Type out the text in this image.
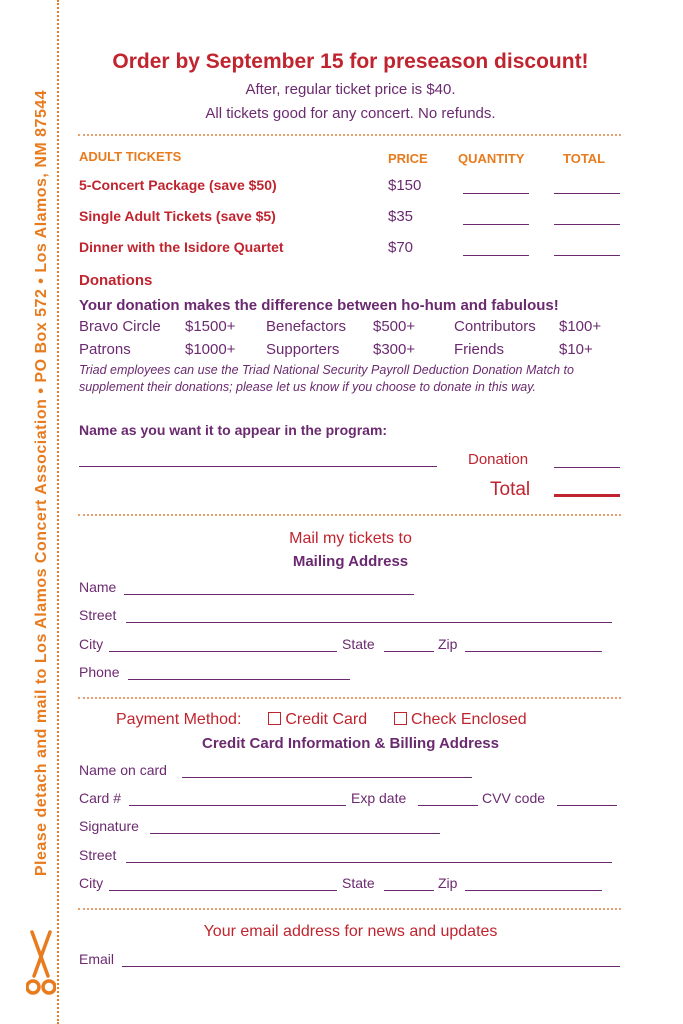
Please detach and mail to Los Alamos Concert Association • PO Box 572 • Los Alamos, NM 87544
Order by September 15 for preseason discount!
After, regular ticket price is $40.
All tickets good for any concert. No refunds.
ADULT TICKETS	PRICE QUANTITY	TOTAL
5-Concert Package (save $50)	$150
Single Adult Tickets (save $5)	$35
Dinner with the Isidore Quartet	$70
Donations
Your donation makes the difference between ho-hum and fabulous!
Bravo Circle $1500+ Benefactors $500+	Contributors $100+
Patrons	$1000+ Supporters $300+	Friends	$10+
Triad employees can use the Triad National Security Payroll Deduction Donation Match to supplement their donations; please let us know if you choose to donate in this way.
Name as you want it to appear in the program:
Donation
Total
Mail my tickets to
Mailing Address
Name
Street
City	State	Zip
Phone
Payment Method:	Credit Card	Check Enclosed
Credit Card Information & Billing Address
Name on card
Card #	Exp date	CVV code
Signature
Street
City	State	Zip
Your email address for news and updates
Email
